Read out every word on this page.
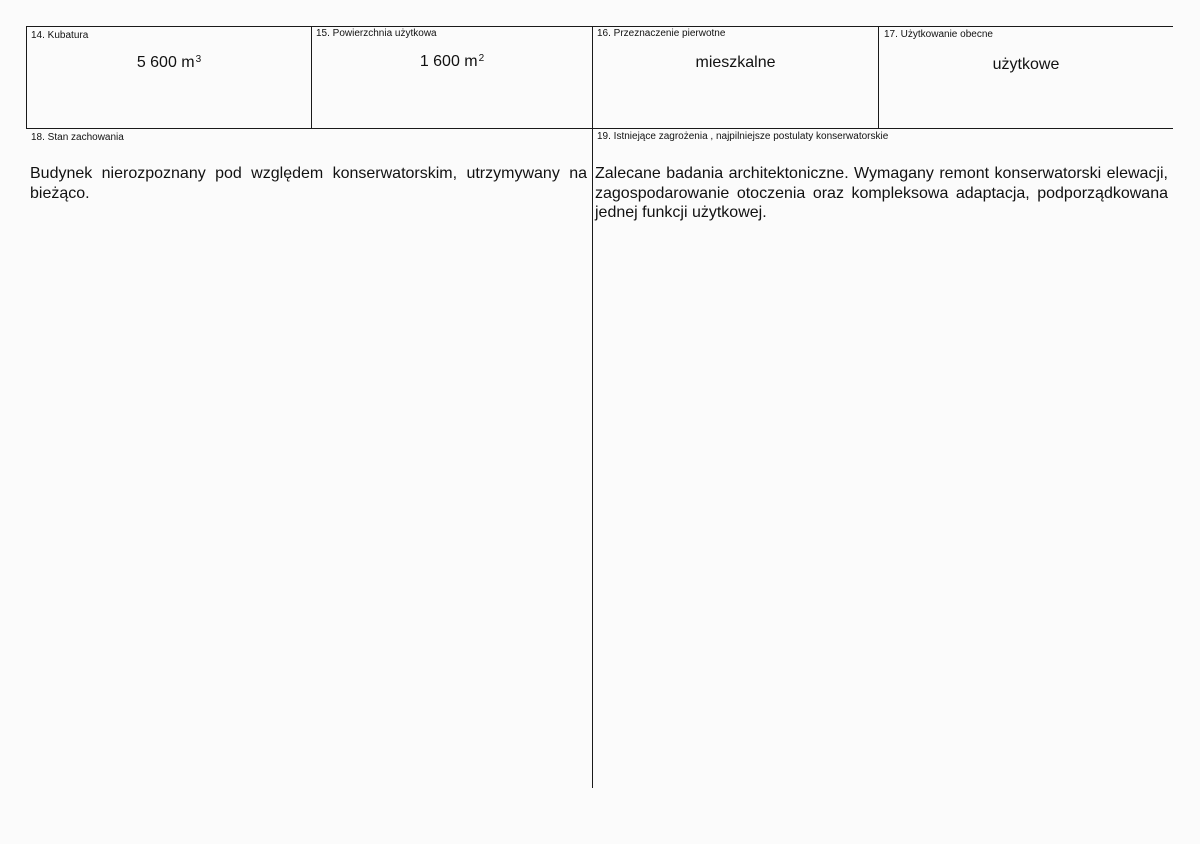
14. Kubatura
5 600 $m^3$
15. Powierzchnia użytkowa
1 600 $m^2$
16. Przeznaczenie pierwotne
mieszkalne
17. Użytkowanie obecne
użytkowe
18. Stan zachowania
Budynek nierozpoznany pod względem konserwatorskim, utrzymywany na bieżąco.
19. Istniejące zagrożenia , najpilniejsze postulaty konserwatorskie
Zalecane badania architektoniczne. Wymagany remont konserwatorski elewacji, zagospodarowanie otoczenia oraz kompleksowa adaptacja, podporządkowana jednej funkcji użytkowej.
